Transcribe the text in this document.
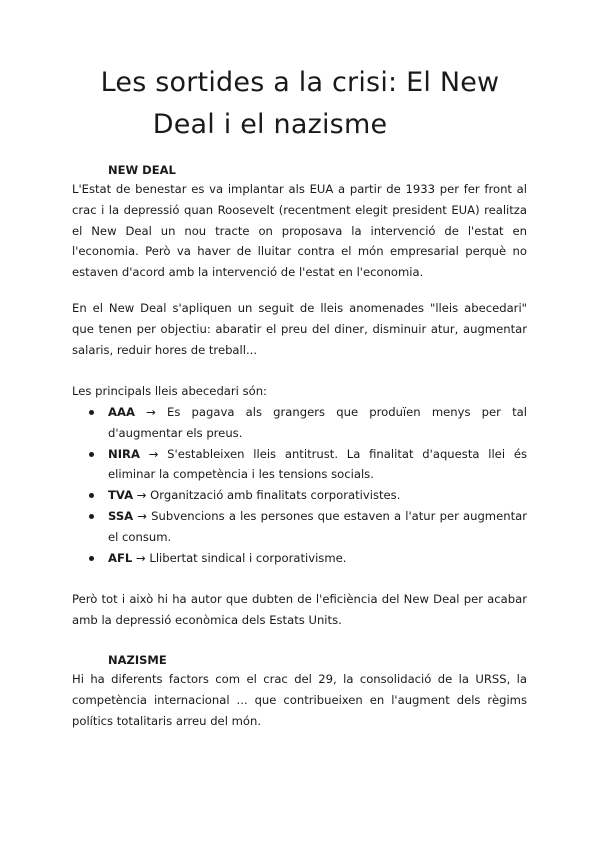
Les sortides a la crisi: El New
Deal i el nazisme
NEW DEAL

L'Estat de benestar es va implantar als EUA a partir de 1933 per fer front al crac i la depressió quan Roosevelt (recentment elegit president EUA) realitza el New Deal un nou tracte on proposava la intervenció de l'estat en l'economia. Però va haver de lluitar contra el món empresarial perquè no estaven d'acord amb la intervenció de l'estat en l'economia.

En el New Deal s'apliquen un seguit de lleis anomenades "lleis abecedari" que tenen per objectiu: abaratir el preu del diner, disminuir atur, augmentar salaris, reduir hores de treball...

Les principals lleis abecedari són:

AAA → Es pagava als grangers que produïen menys per tal d'augmentar els preus.
NIRA → S'estableixen lleis antitrust. La finalitat d'aquesta llei és eliminar la competència i les tensions socials.
TVA → Organització amb finalitats corporativistes.
SSA → Subvencions a les persones que estaven a l'atur per augmentar el consum.
AFL → Llibertat sindical i corporativisme.

Però tot i això hi ha autor que dubten de l'eficiència del New Deal per acabar amb la depressió econòmica dels Estats Units.

NAZISME

Hi ha diferents factors com el crac del 29, la consolidació de la URSS, la competència internacional ... que contribueixen en l'augment dels règims polítics totalitaris arreu del món.
